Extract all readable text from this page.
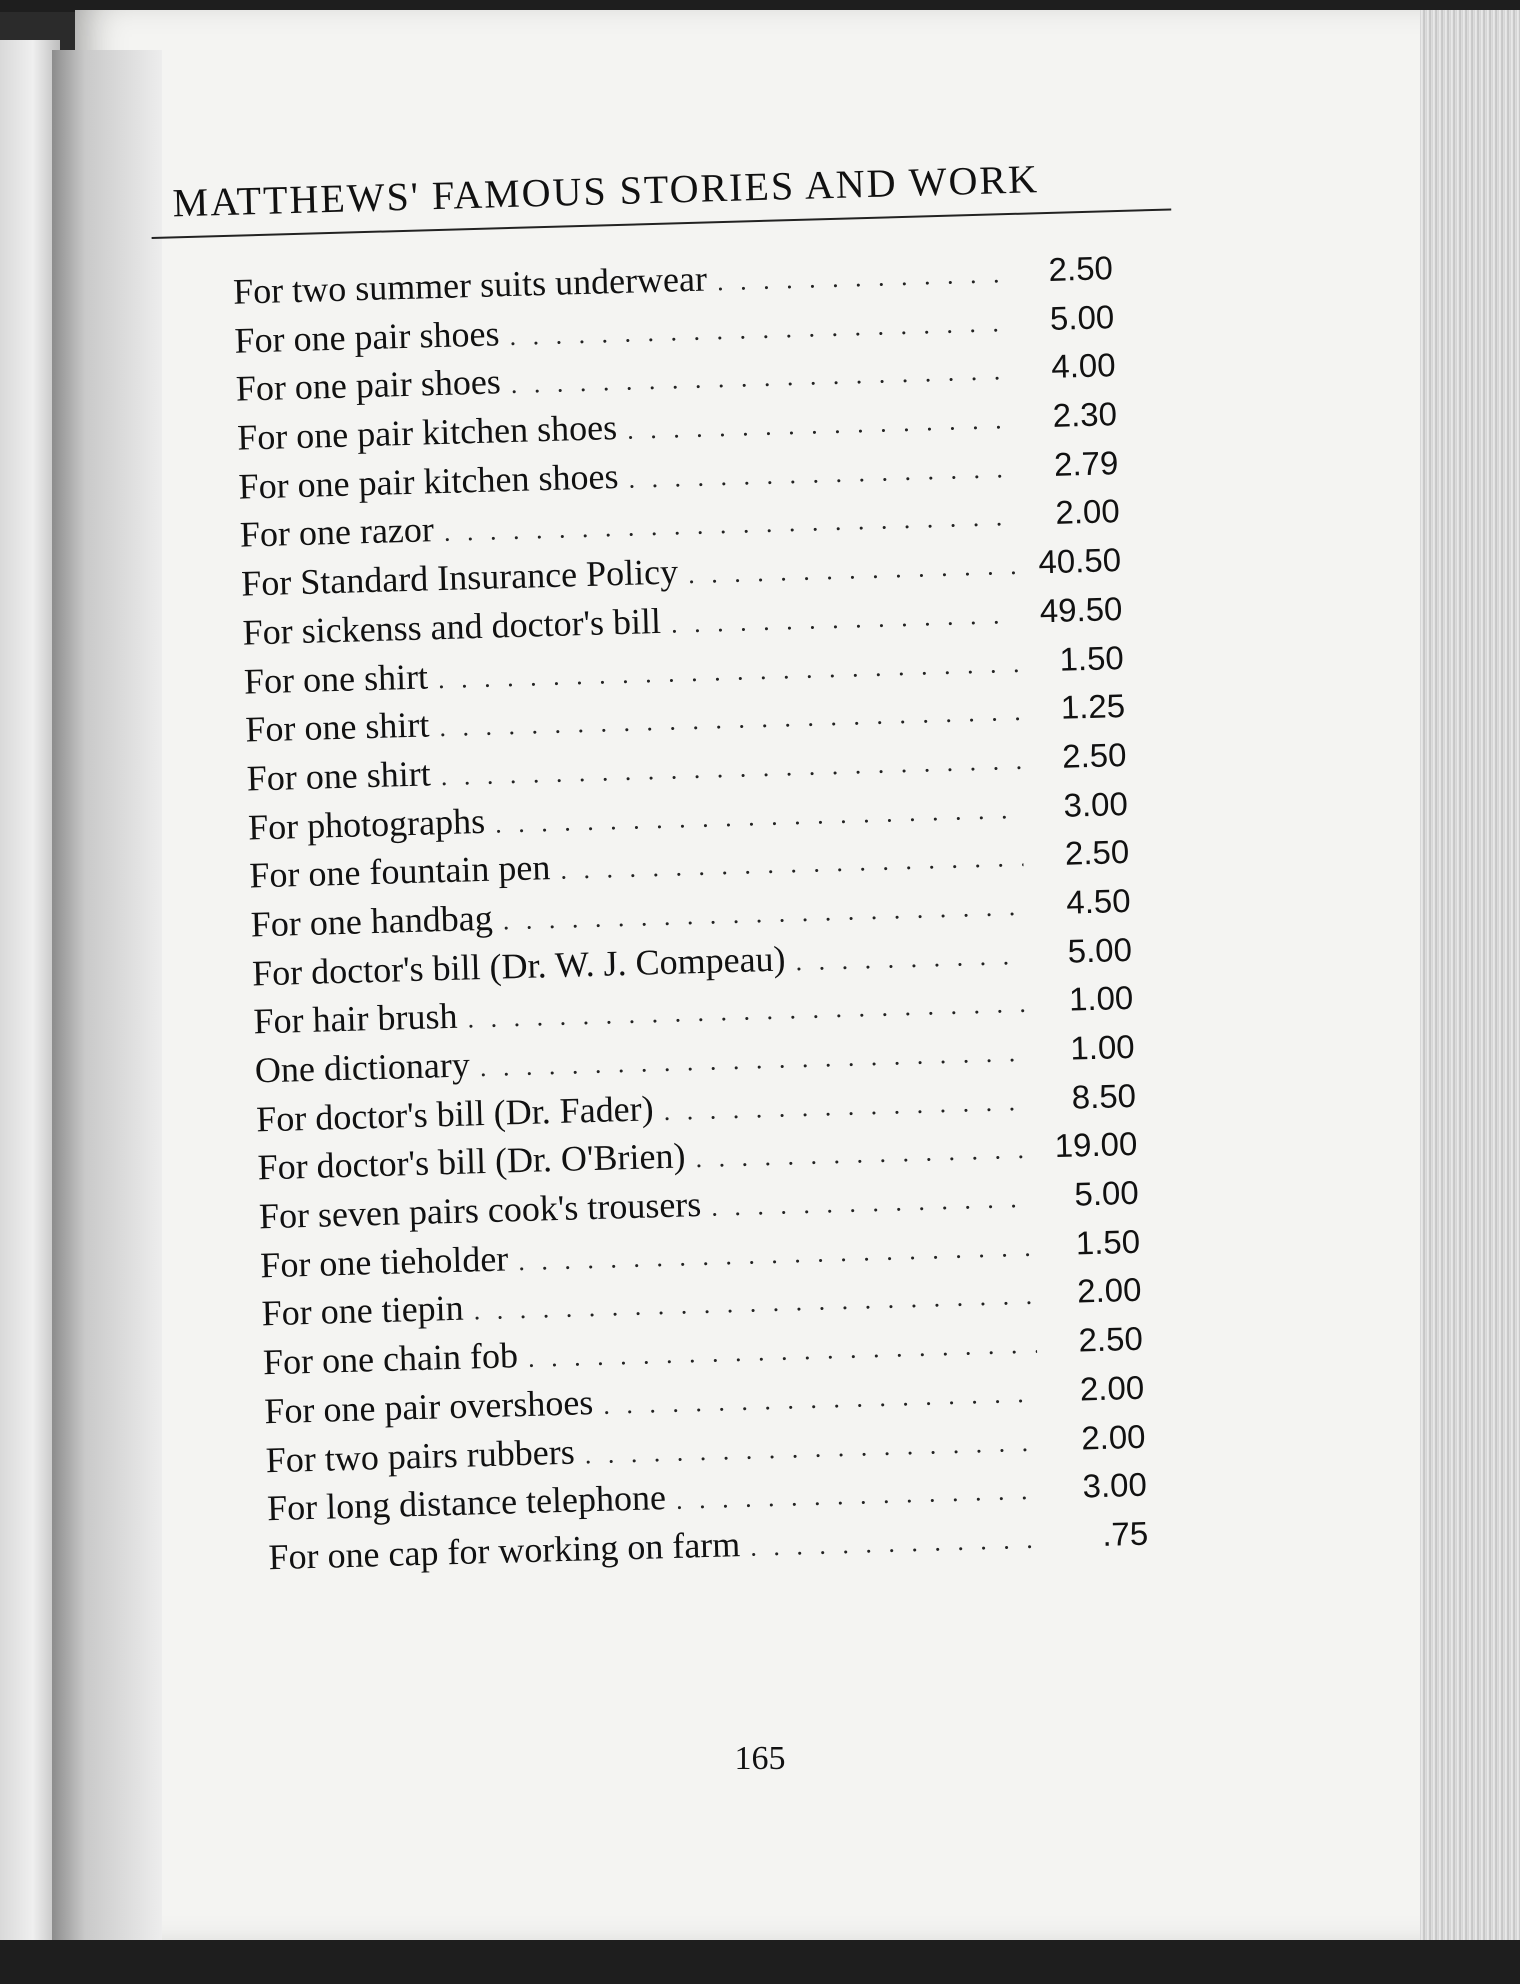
MATTHEWS' FAMOUS STORIES AND WORK
For two summer suits underwear . . .	2.50
For one pair shoes . . .	5.00
For one pair shoes . . .	4.00
For one pair kitchen shoes . . .	2.30
For one pair kitchen shoes . . .	2.79
For one razor . . .	2.00
For Standard Insurance Policy . . .	40.50
For sickenss and doctor's bill . . .	49.50
For one shirt . . .	1.50
For one shirt . . .	1.25
For one shirt . . .	2.50
For photographs . . .	3.00
For one fountain pen . . .	2.50
For one handbag . . .	4.50
For doctor's bill (Dr. W. J. Compeau) . . .	5.00
For hair brush . . .	1.00
One dictionary . . .	1.00
For doctor's bill (Dr. Fader) . . .	8.50
For doctor's bill (Dr. O'Brien) . . .	19.00
For seven pairs cook's trousers . . .	5.00
For one tieholder . . .	1.50
For one tiepin . . .	2.00
For one chain fob . . .	2.50
For one pair overshoes . . .	2.00
For two pairs rubbers . . .	2.00
For long distance telephone . . .	3.00
For one cap for working on farm . . .	.75
165
